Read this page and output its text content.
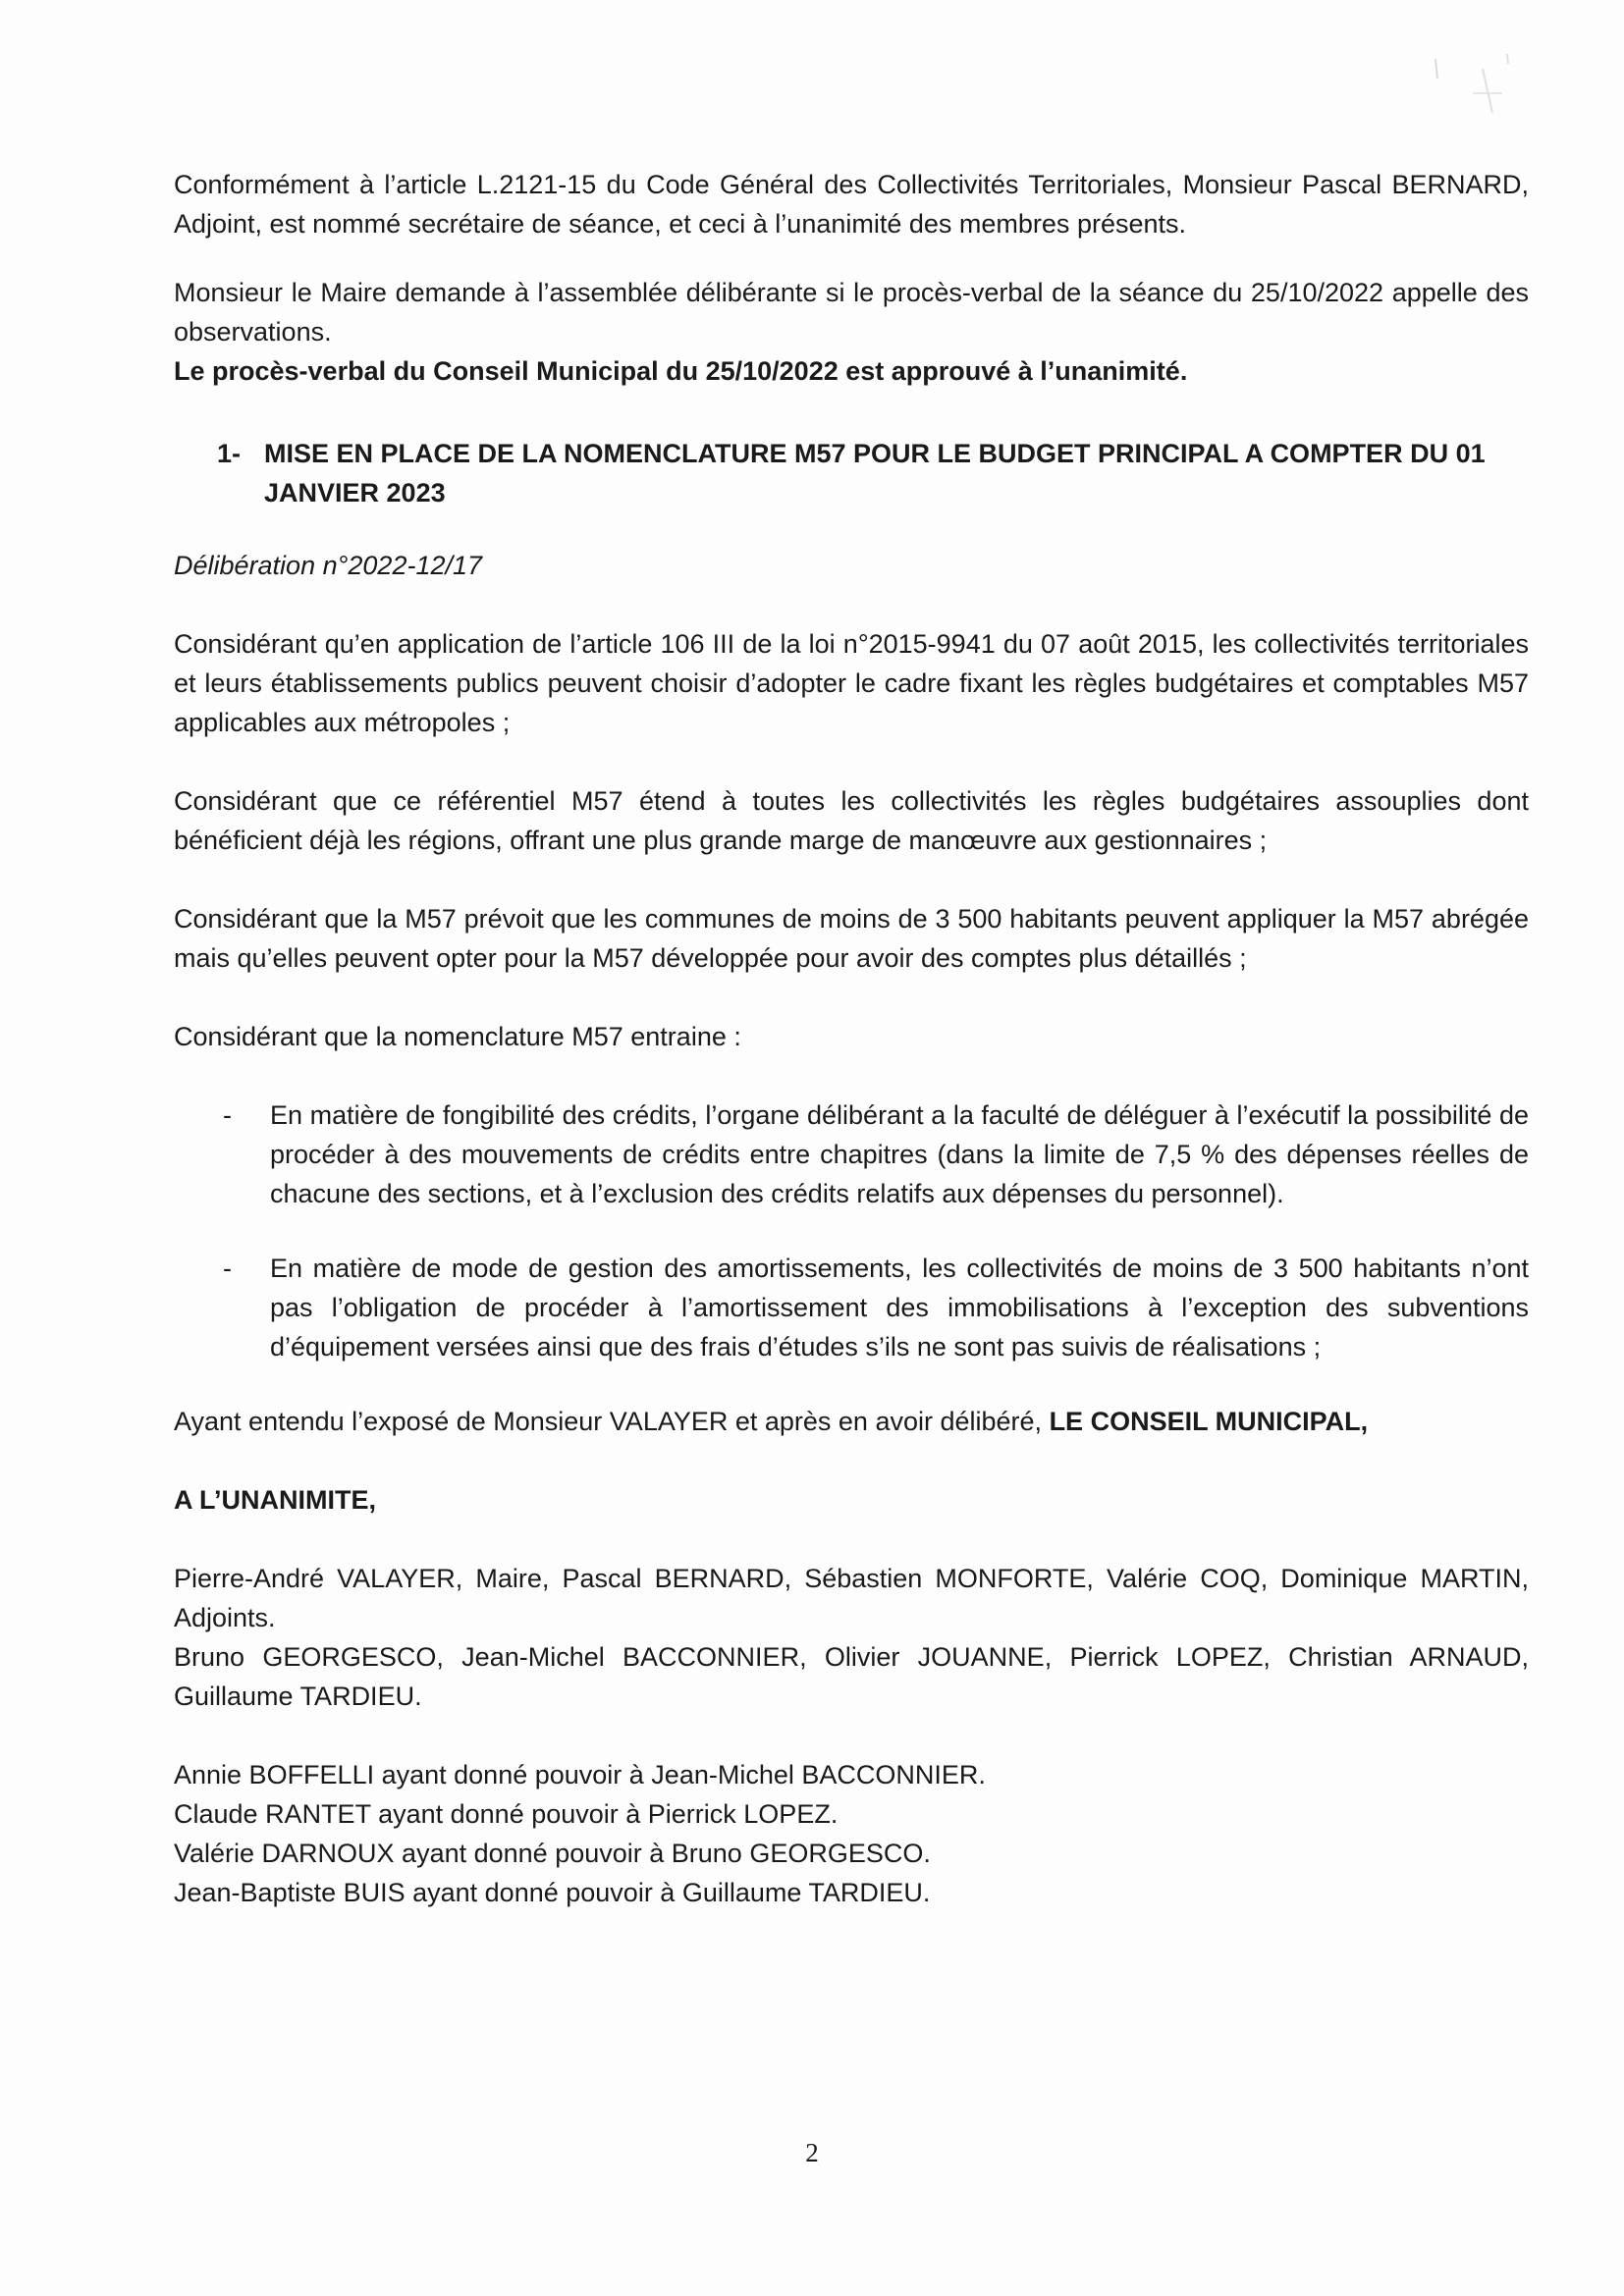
Conformément à l’article L.2121-15 du Code Général des Collectivités Territoriales, Monsieur Pascal BERNARD, Adjoint, est nommé secrétaire de séance, et ceci à l’unanimité des membres présents.

Monsieur le Maire demande à l’assemblée délibérante si le procès-verbal de la séance du 25/10/2022 appelle des observations.

Le procès-verbal du Conseil Municipal du 25/10/2022 est approuvé à l’unanimité.

1- MISE EN PLACE DE LA NOMENCLATURE M57 POUR LE BUDGET PRINCIPAL A COMPTER DU 01 JANVIER 2023

Délibération n°2022-12/17

Considérant qu’en application de l’article 106 III de la loi n°2015-9941 du 07 août 2015, les collectivités territoriales et leurs établissements publics peuvent choisir d’adopter le cadre fixant les règles budgétaires et comptables M57 applicables aux métropoles ;

Considérant que ce référentiel M57 étend à toutes les collectivités les règles budgétaires assouplies dont bénéficient déjà les régions, offrant une plus grande marge de manœuvre aux gestionnaires ;

Considérant que la M57 prévoit que les communes de moins de 3 500 habitants peuvent appliquer la M57 abrégée mais qu’elles peuvent opter pour la M57 développée pour avoir des comptes plus détaillés ;

Considérant que la nomenclature M57 entraine :

-	En matière de fongibilité des crédits, l’organe délibérant a la faculté de déléguer à l’exécutif la possibilité de procéder à des mouvements de crédits entre chapitres (dans la limite de 7,5 % des dépenses réelles de chacune des sections, et à l’exclusion des crédits relatifs aux dépenses du personnel).
-	En matière de mode de gestion des amortissements, les collectivités de moins de 3 500 habitants n’ont pas l’obligation de procéder à l’amortissement des immobilisations à l’exception des subventions d’équipement versées ainsi que des frais d’études s’ils ne sont pas suivis de réalisations ;

Ayant entendu l’exposé de Monsieur VALAYER et après en avoir délibéré, LE CONSEIL MUNICIPAL,

A L’UNANIMITE,

Pierre-André VALAYER, Maire, Pascal BERNARD, Sébastien MONFORTE, Valérie COQ, Dominique MARTIN, Adjoints.

Bruno GEORGESCO, Jean-Michel BACCONNIER, Olivier JOUANNE, Pierrick LOPEZ, Christian ARNAUD, Guillaume TARDIEU.

Annie BOFFELLI ayant donné pouvoir à Jean-Michel BACCONNIER.

Claude RANTET ayant donné pouvoir à Pierrick LOPEZ.

Valérie DARNOUX ayant donné pouvoir à Bruno GEORGESCO.

Jean-Baptiste BUIS ayant donné pouvoir à Guillaume TARDIEU.

2
